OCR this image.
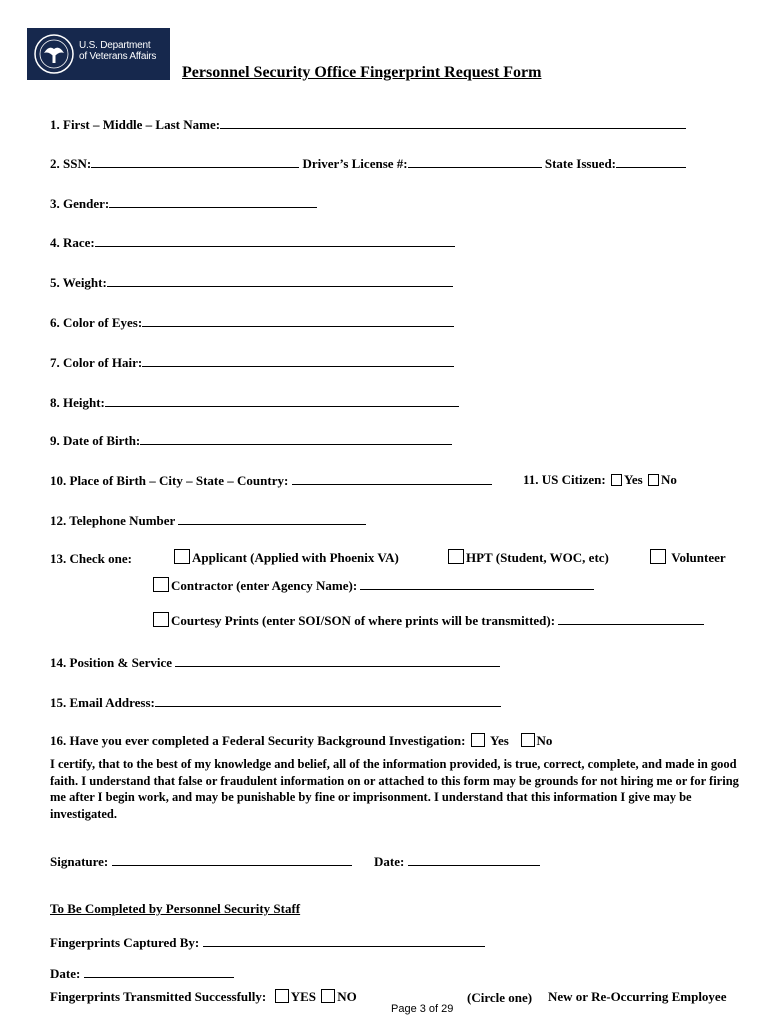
U.S. Department
of Veterans Affairs
Personnel Security Office Fingerprint Request Form
1. First – Middle – Last Name:
2. SSN:	Driver’s License #:	State Issued:
3. Gender:
4. Race:
5. Weight:
6. Color of Eyes:
7. Color of Hair:
8. Height:
9. Date of Birth:
10. Place of Birth – City – State – Country:	11. US Citizen: Yes No
12. Telephone Number
13. Check one:	Applicant (Applied with Phoenix VA)	HPT (Student, WOC, etc)	Volunteer
Contractor (enter Agency Name):
Courtesy Prints (enter SOI/SON of where prints will be transmitted):
14. Position & Service
15. Email Address:
16. Have you ever completed a Federal Security Background Investigation: Yes No
I certify, that to the best of my knowledge and belief, all of the information provided, is true, correct, complete, and made in good faith. I understand that false or fraudulent information on or attached to this form may be grounds for not hiring me or for firing me after I begin work, and may be punishable by fine or imprisonment. I understand that this information I give may be investigated.
Signature:	Date:
To Be Completed by Personnel Security Staff
Fingerprints Captured By:
Date:
Fingerprints Transmitted Successfully: YES NO	(Circle one) New or Re-Occurring Employee
Page 3 of 29
